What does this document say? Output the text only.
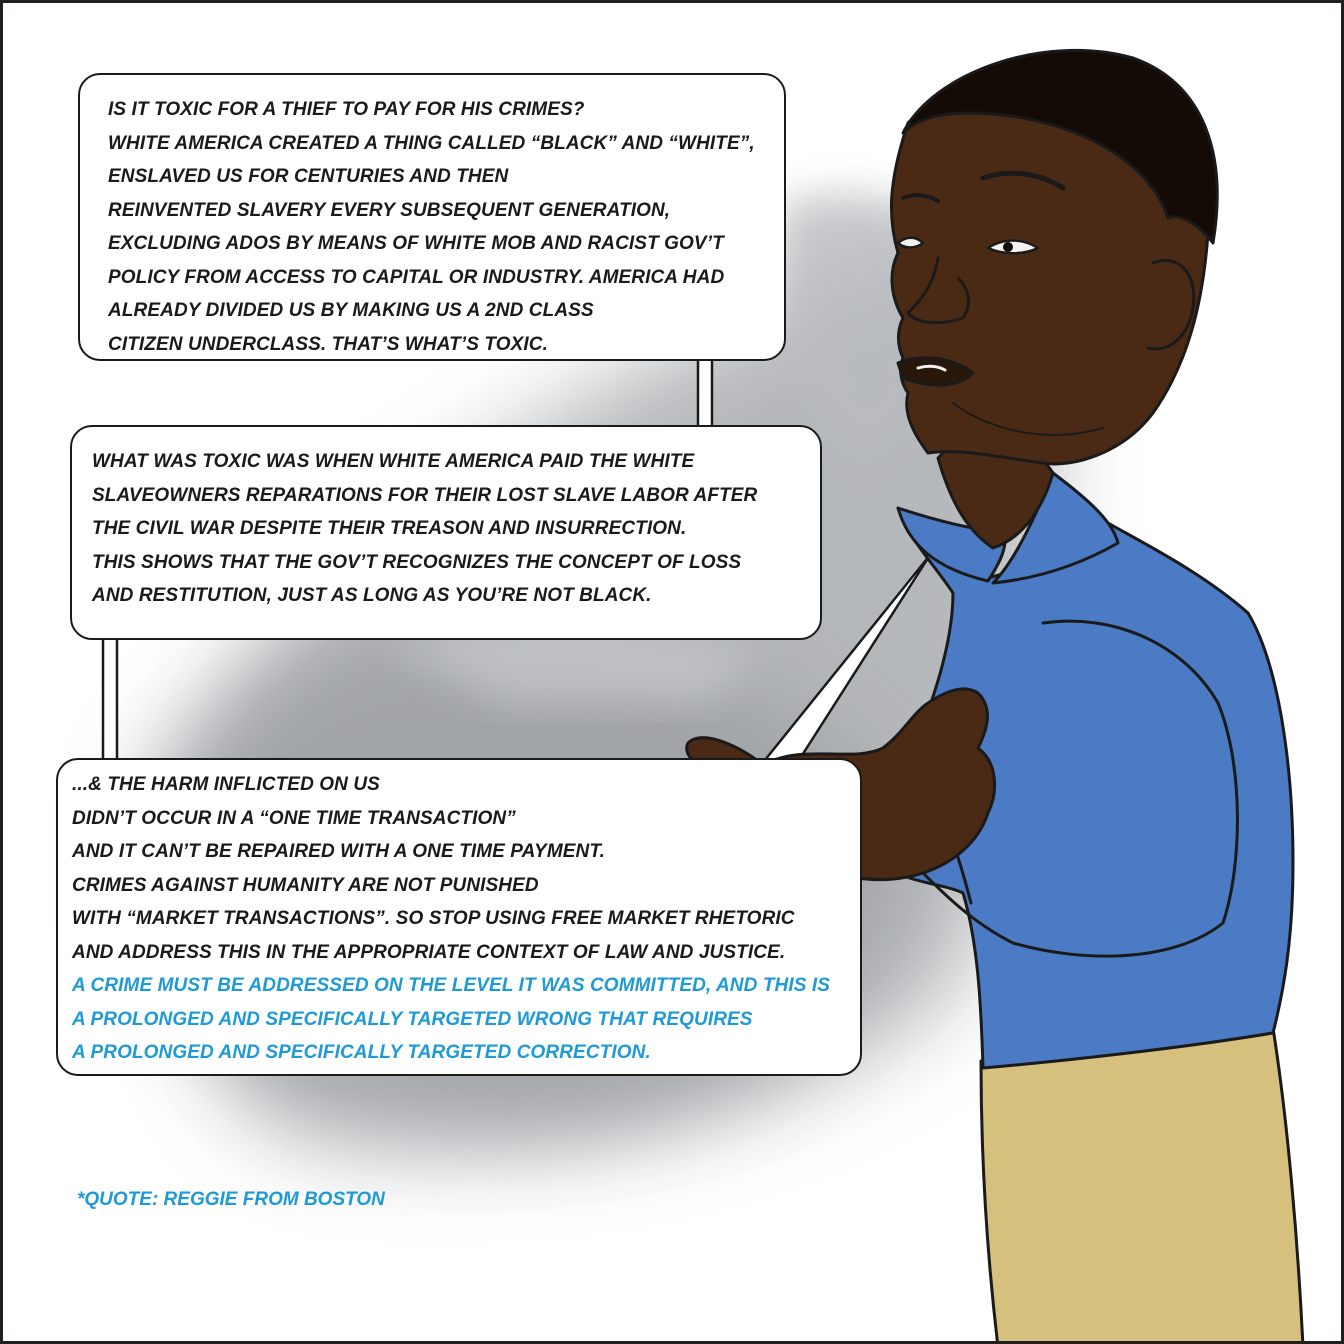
IS IT TOXIC FOR A THIEF TO PAY FOR HIS CRIMES?
WHITE AMERICA CREATED A THING CALLED “BLACK” AND “WHITE”,
ENSLAVED US FOR CENTURIES AND THEN
REINVENTED SLAVERY EVERY SUBSEQUENT GENERATION,
EXCLUDING ADOS BY MEANS OF WHITE MOB AND RACIST GOV’T
POLICY FROM ACCESS TO CAPITAL OR INDUSTRY. AMERICA HAD
ALREADY DIVIDED US BY MAKING US A 2ND CLASS
CITIZEN UNDERCLASS. THAT’S WHAT’S TOXIC.
WHAT WAS TOXIC WAS WHEN WHITE AMERICA PAID THE WHITE
SLAVEOWNERS REPARATIONS FOR THEIR LOST SLAVE LABOR AFTER
THE CIVIL WAR DESPITE THEIR TREASON AND INSURRECTION.
THIS SHOWS THAT THE GOV’T RECOGNIZES THE CONCEPT OF LOSS
AND RESTITUTION, JUST AS LONG AS YOU’RE NOT BLACK.
...& THE HARM INFLICTED ON US
DIDN’T OCCUR IN A “ONE TIME TRANSACTION”
AND IT CAN’T BE REPAIRED WITH A ONE TIME PAYMENT.
CRIMES AGAINST HUMANITY ARE NOT PUNISHED
WITH “MARKET TRANSACTIONS”. SO STOP USING FREE MARKET RHETORIC
AND ADDRESS THIS IN THE APPROPRIATE CONTEXT OF LAW AND JUSTICE.
A CRIME MUST BE ADDRESSED ON THE LEVEL IT WAS COMMITTED, AND THIS IS
A PROLONGED AND SPECIFICALLY TARGETED WRONG THAT REQUIRES
A PROLONGED AND SPECIFICALLY TARGETED CORRECTION.
*QUOTE: REGGIE FROM BOSTON
